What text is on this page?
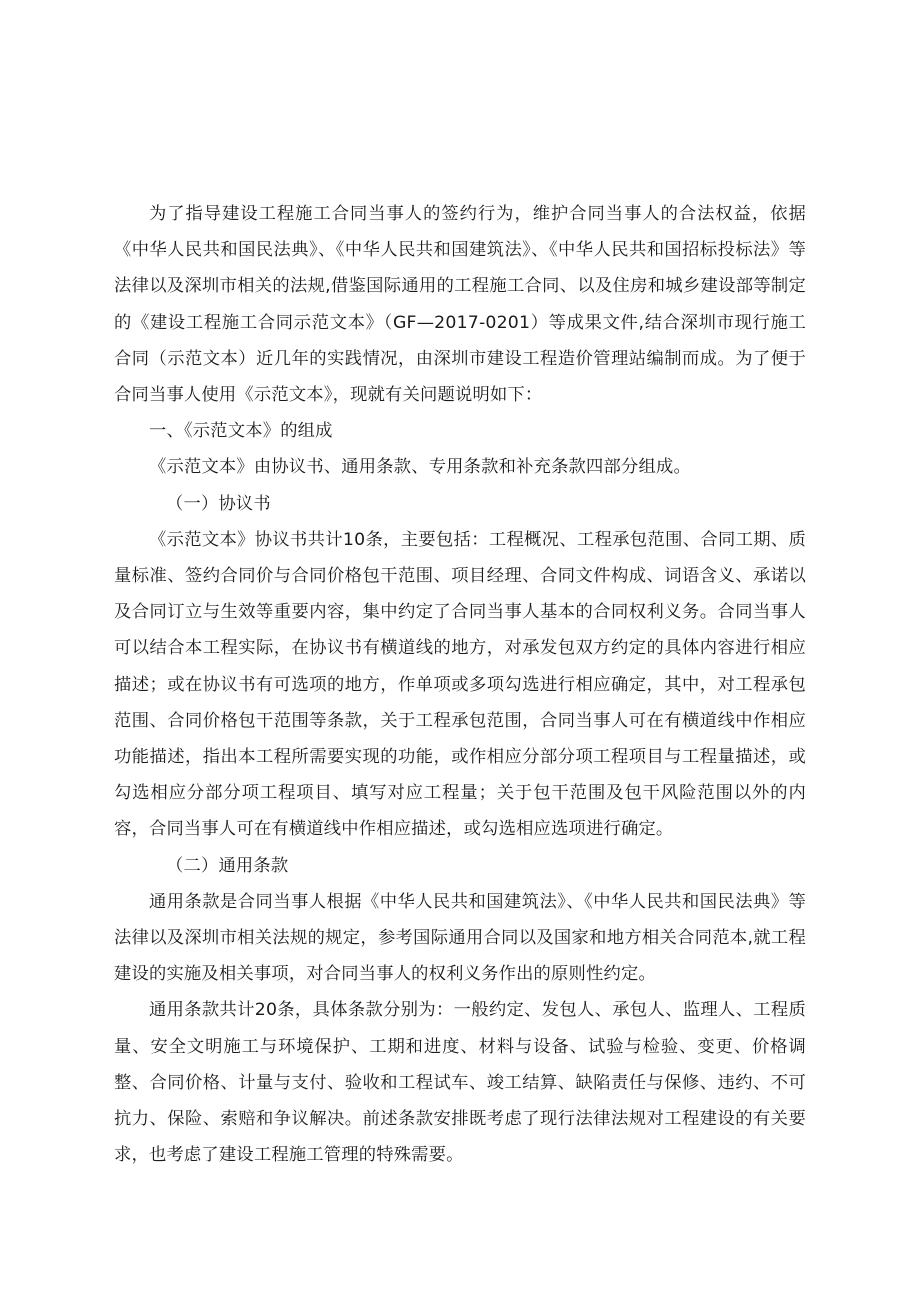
为了指导建设工程施工合同当事人的签约行为，维护合同当事人的合法权益，依据《中华人民共和国民法典》、《中华人民共和国建筑法》、《中华人民共和国招标投标法》等法律以及深圳市相关的法规,借鉴国际通用的工程施工合同、以及住房和城乡建设部等制定的《建设工程施工合同示范文本》（GF—2017-0201）等成果文件,结合深圳市现行施工合同（示范文本）近几年的实践情况，由深圳市建设工程造价管理站编制而成。为了便于合同当事人使用《示范文本》，现就有关问题说明如下：

一、《示范文本》的组成

《示范文本》由协议书、通用条款、专用条款和补充条款四部分组成。

（一）协议书

《示范文本》协议书共计10条，主要包括：工程概况、工程承包范围、合同工期、质量标准、签约合同价与合同价格包干范围、项目经理、合同文件构成、词语含义、承诺以及合同订立与生效等重要内容，集中约定了合同当事人基本的合同权利义务。合同当事人可以结合本工程实际，在协议书有横道线的地方，对承发包双方约定的具体内容进行相应描述；或在协议书有可选项的地方，作单项或多项勾选进行相应确定，其中，对工程承包范围、合同价格包干范围等条款，关于工程承包范围，合同当事人可在有横道线中作相应功能描述，指出本工程所需要实现的功能，或作相应分部分项工程项目与工程量描述，或勾选相应分部分项工程项目、填写对应工程量；关于包干范围及包干风险范围以外的内容，合同当事人可在有横道线中作相应描述，或勾选相应选项进行确定。

（二）通用条款

通用条款是合同当事人根据《中华人民共和国建筑法》、《中华人民共和国民法典》等法律以及深圳市相关法规的规定，参考国际通用合同以及国家和地方相关合同范本,就工程建设的实施及相关事项，对合同当事人的权利义务作出的原则性约定。

通用条款共计20条，具体条款分别为：一般约定、发包人、承包人、监理人、工程质量、安全文明施工与环境保护、工期和进度、材料与设备、试验与检验、变更、价格调整、合同价格、计量与支付、验收和工程试车、竣工结算、缺陷责任与保修、违约、不可抗力、保险、索赔和争议解决。前述条款安排既考虑了现行法律法规对工程建设的有关要求，也考虑了建设工程施工管理的特殊需要。
